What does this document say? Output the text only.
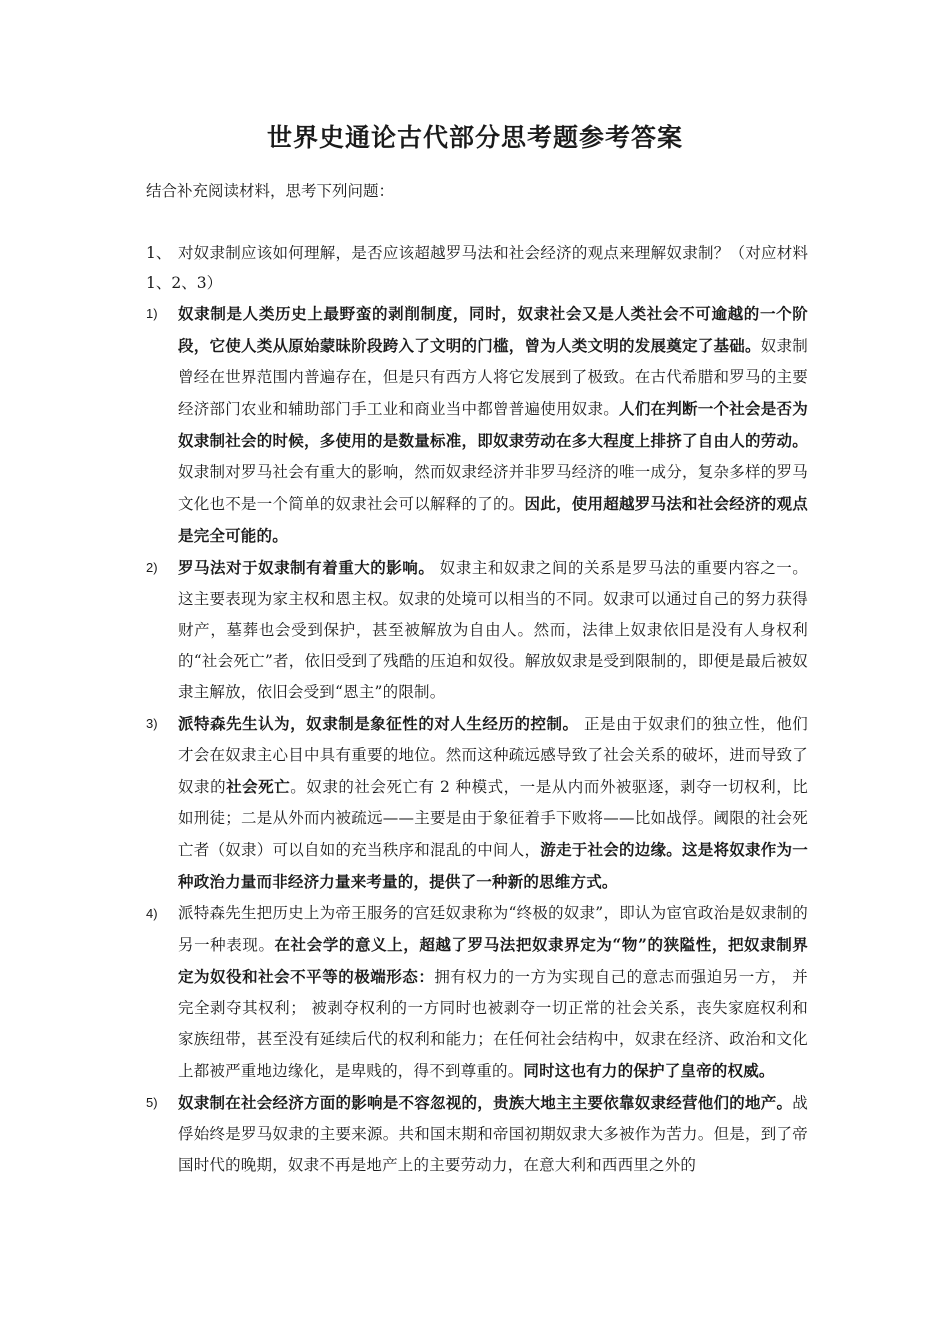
世界史通论古代部分思考题参考答案
结合补充阅读材料，思考下列问题：
1、 对奴隶制应该如何理解，是否应该超越罗马法和社会经济的观点来理解奴隶制？（对应材料 1、2、3）
1)	奴隶制是人类历史上最野蛮的剥削制度，同时，奴隶社会又是人类社会不可逾越的一个阶段，它使人类从原始蒙昧阶段跨入了文明的门槛，曾为人类文明的发展奠定了基础。奴隶制曾经在世界范围内普遍存在，但是只有西方人将它发展到了极致。在古代希腊和罗马的主要经济部门农业和辅助部门手工业和商业当中都曾普遍使用奴隶。人们在判断一个社会是否为奴隶制社会的时候，多使用的是数量标准，即奴隶劳动在多大程度上排挤了自由人的劳动。奴隶制对罗马社会有重大的影响，然而奴隶经济并非罗马经济的唯一成分，复杂多样的罗马文化也不是一个简单的奴隶社会可以解释的了的。因此，使用超越罗马法和社会经济的观点是完全可能的。
2)	罗马法对于奴隶制有着重大的影响。 奴隶主和奴隶之间的关系是罗马法的重要内容之一。这主要表现为家主权和恩主权。奴隶的处境可以相当的不同。奴隶可以通过自己的努力获得财产，墓葬也会受到保护，甚至被解放为自由人。然而，法律上奴隶依旧是没有人身权利的“社会死亡”者，依旧受到了残酷的压迫和奴役。解放奴隶是受到限制的，即便是最后被奴隶主解放，依旧会受到“恩主”的限制。
3)	派特森先生认为，奴隶制是象征性的对人生经历的控制。 正是由于奴隶们的独立性，他们才会在奴隶主心目中具有重要的地位。然而这种疏远感导致了社会关系的破坏，进而导致了奴隶的社会死亡。奴隶的社会死亡有 2 种模式，一是从内而外被驱逐，剥夺一切权利，比如刑徒；二是从外而内被疏远——主要是由于象征着手下败将——比如战俘。阈限的社会死亡者（奴隶）可以自如的充当秩序和混乱的中间人，游走于社会的边缘。这是将奴隶作为一种政治力量而非经济力量来考量的，提供了一种新的思维方式。
4)	派特森先生把历史上为帝王服务的宫廷奴隶称为“终极的奴隶”，即认为宦官政治是奴隶制的另一种表现。在社会学的意义上，超越了罗马法把奴隶界定为“物”的狭隘性，把奴隶制界定为奴役和社会不平等的极端形态：拥有权力的一方为实现自己的意志而强迫另一方， 并完全剥夺其权利； 被剥夺权利的一方同时也被剥夺一切正常的社会关系，丧失家庭权利和家族纽带，甚至没有延续后代的权利和能力；在任何社会结构中，奴隶在经济、政治和文化上都被严重地边缘化，是卑贱的，得不到尊重的。同时这也有力的保护了皇帝的权威。
5)	奴隶制在社会经济方面的影响是不容忽视的，贵族大地主主要依靠奴隶经营他们的地产。战俘始终是罗马奴隶的主要来源。共和国末期和帝国初期奴隶大多被作为苦力。但是，到了帝国时代的晚期，奴隶不再是地产上的主要劳动力，在意大利和西西里之外的
